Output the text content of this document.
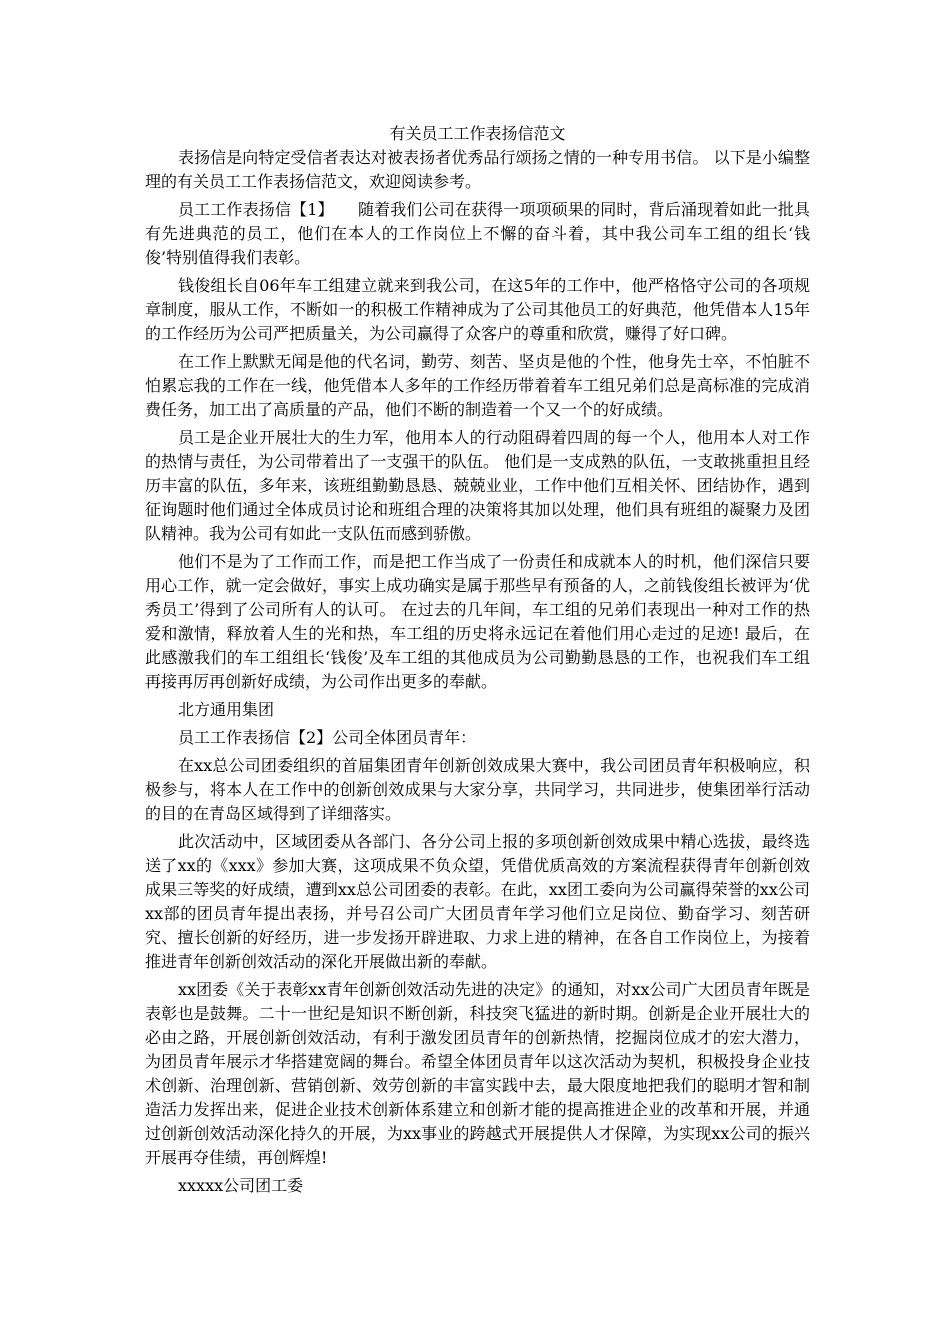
有关员工工作表扬信范文

表扬信是向特定受信者表达对被表扬者优秀品行颂扬之情的一种专用书信。 以下是小编整理的有关员工工作表扬信范文，欢迎阅读参考。

员工工作表扬信【1】　　随着我们公司在获得一项项硕果的同时，背后涌现着如此一批具有先进典范的员工，他们在本人的工作岗位上不懈的奋斗着，其中我公司车工组的组长‘钱俊’特别值得我们表彰。

钱俊组长自06年车工组建立就来到我公司，在这5年的工作中，他严格恪守公司的各项规章制度，服从工作，不断如一的积极工作精神成为了公司其他员工的好典范，他凭借本人15年的工作经历为公司严把质量关，为公司赢得了众客户的尊重和欣赏，赚得了好口碑。

在工作上默默无闻是他的代名词，勤劳、刻苦、坚贞是他的个性，他身先士卒，不怕脏不怕累忘我的工作在一线，他凭借本人多年的工作经历带着着车工组兄弟们总是高标准的完成消费任务，加工出了高质量的产品，他们不断的制造着一个又一个的好成绩。

员工是企业开展壮大的生力军，他用本人的行动阻碍着四周的每一个人，他用本人对工作的热情与责任，为公司带着出了一支强干的队伍。 他们是一支成熟的队伍，一支敢挑重担且经历丰富的队伍，多年来，该班组勤勤恳恳、兢兢业业，工作中他们互相关怀、团结协作，遇到征询题时他们通过全体成员讨论和班组合理的决策将其加以处理，他们具有班组的凝聚力及团队精神。我为公司有如此一支队伍而感到骄傲。

他们不是为了工作而工作，而是把工作当成了一份责任和成就本人的时机，他们深信只要用心工作，就一定会做好，事实上成功确实是属于那些早有预备的人，之前钱俊组长被评为‘优秀员工’得到了公司所有人的认可。 在过去的几年间，车工组的兄弟们表现出一种对工作的热爱和激情，释放着人生的光和热，车工组的历史将永远记在着他们用心走过的足迹! 最后，在此感激我们的车工组组长‘钱俊’及车工组的其他成员为公司勤勤恳恳的工作，也祝我们车工组再接再厉再创新好成绩，为公司作出更多的奉献。

北方通用集团

员工工作表扬信【2】公司全体团员青年：

在xx总公司团委组织的首届集团青年创新创效成果大赛中，我公司团员青年积极响应，积极参与，将本人在工作中的创新创效成果与大家分享，共同学习，共同进步，使集团举行活动的目的在青岛区域得到了详细落实。

此次活动中，区域团委从各部门、各分公司上报的多项创新创效成果中精心选拔，最终选送了xx的《xxx》参加大赛，这项成果不负众望，凭借优质高效的方案流程获得青年创新创效成果三等奖的好成绩，遭到xx总公司团委的表彰。在此，xx团工委向为公司赢得荣誉的xx公司xx部的团员青年提出表扬，并号召公司广大团员青年学习他们立足岗位、勤奋学习、刻苦研究、擅长创新的好经历，进一步发扬开辟进取、力求上进的精神，在各自工作岗位上，为接着推进青年创新创效活动的深化开展做出新的奉献。

xx团委《关于表彰xx青年创新创效活动先进的决定》的通知，对xx公司广大团员青年既是表彰也是鼓舞。二十一世纪是知识不断创新，科技突飞猛进的新时期。创新是企业开展壮大的必由之路，开展创新创效活动，有利于激发团员青年的创新热情，挖掘岗位成才的宏大潜力，为团员青年展示才华搭建宽阔的舞台。希望全体团员青年以这次活动为契机，积极投身企业技术创新、治理创新、营销创新、效劳创新的丰富实践中去，最大限度地把我们的聪明才智和制造活力发挥出来，促进企业技术创新体系建立和创新才能的提高推进企业的改革和开展，并通过创新创效活动深化持久的开展，为xx事业的跨越式开展提供人才保障，为实现xx公司的振兴开展再夺佳绩，再创辉煌!

xxxxx公司团工委
